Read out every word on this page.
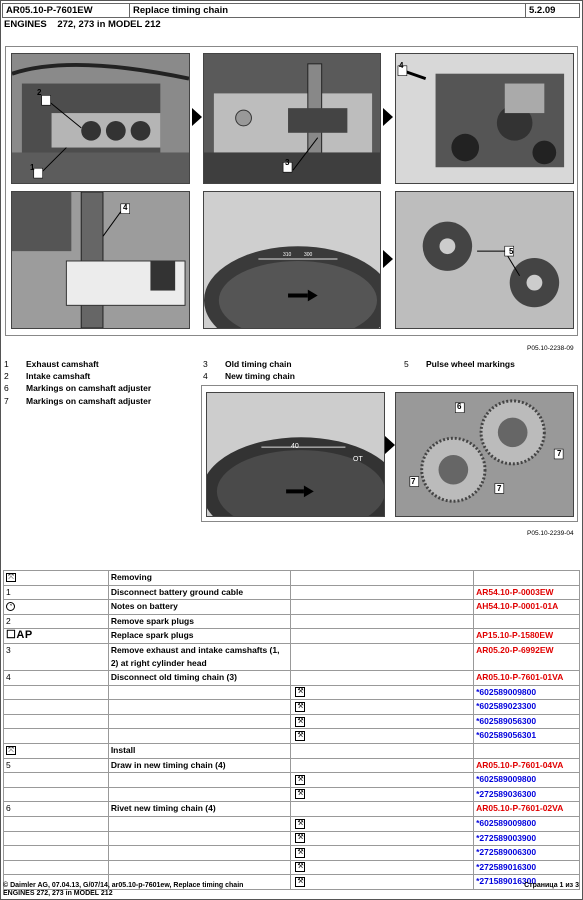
AR05.10-P-7601EW	Replace timing chain	5.2.09
ENGINES    272, 273 in MODEL 212
2
1
3
4
4
310	300	5
P05.10-2238-09
1 Exhaust camshaft
2 Intake camshaft
3 Old timing chain
4 New timing chain
5 Pulse wheel markings
6 Markings on camshaft adjuster
7 Markings on camshaft adjuster
40
OT
6
7
7
7
P05.10-2239-04
⤧	Removing		
1	Disconnect battery ground cable		AR54.10-P-0003EW
◔	Notes on battery		AH54.10-P-0001-01A
2	Remove spark plugs		
☐AP	Replace spark plugs		AP15.10-P-1580EW
3	Remove exhaust and intake camshafts (1, 2) at right cylinder head		AR05.20-P-6992EW
4	Disconnect old timing chain (3)		AR05.10-P-7601-01VA
		⚒	*602589009800
		⚒	*602589023300
		⚒	*602589056300
		⚒	*602589056301
⤧	Install		
5	Draw in new timing chain (4)		AR05.10-P-7601-04VA
		⚒	*602589009800
		⚒	*272589036300
6	Rivet new timing chain (4)		AR05.10-P-7601-02VA
		⚒	*602589009800
		⚒	*272589003900
		⚒	*272589006300
		⚒	*272589016300
		⚒	*271589016300
© Daimler AG, 07.04.13, G/07/14, ar05.10-p-7601ew, Replace timing chain
ENGINES 272, 273 in MODEL 212
Страница 1 из 3
